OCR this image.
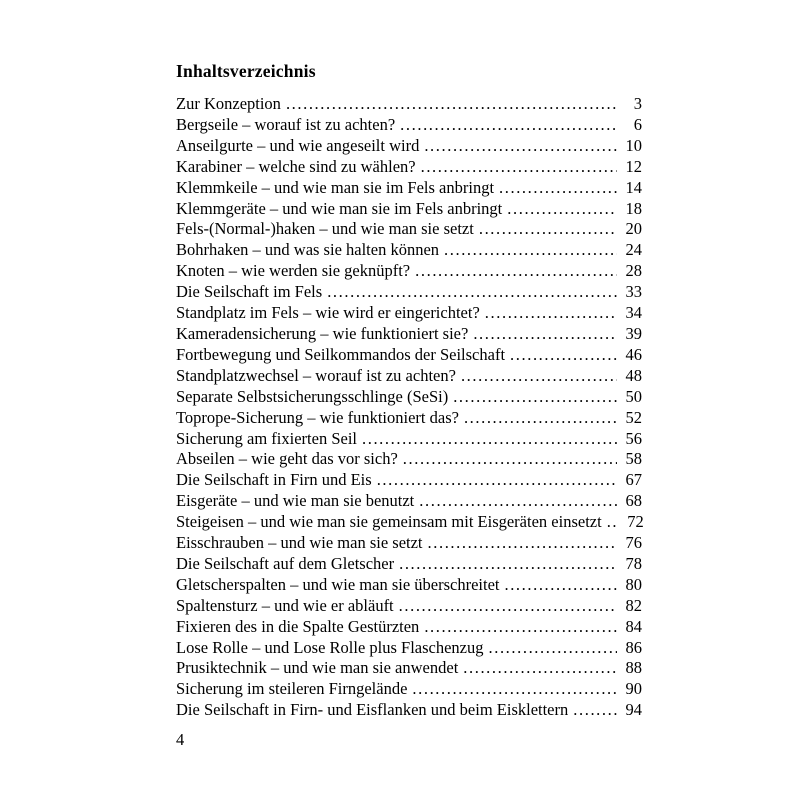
Inhaltsverzeichnis
Zur Konzeption .....	3
Bergseile – worauf ist zu achten? .....	6
Anseilgurte – und wie angeseilt wird .....	10
Karabiner – welche sind zu wählen? .....	12
Klemmkeile – und wie man sie im Fels anbringt .....	14
Klemmgeräte – und wie man sie im Fels anbringt .....	18
Fels-(Normal-)haken – und wie man sie setzt .....	20
Bohrhaken – und was sie halten können .....	24
Knoten – wie werden sie geknüpft? .....	28
Die Seilschaft im Fels .....	33
Standplatz im Fels – wie wird er eingerichtet? .....	34
Kameradensicherung – wie funktioniert sie? .....	39
Fortbewegung und Seilkommandos der Seilschaft .....	46
Standplatzwechsel – worauf ist zu achten? .....	48
Separate Selbstsicherungsschlinge (SeSi) .....	50
Toprope-Sicherung – wie funktioniert das? .....	52
Sicherung am fixierten Seil .....	56
Abseilen – wie geht das vor sich? .....	58
Die Seilschaft in Firn und Eis .....	67
Eisgeräte – und wie man sie benutzt .....	68
Steigeisen – und wie man sie gemeinsam mit Eisgeräten einsetzt .....	72
Eisschrauben – und wie man sie setzt .....	76
Die Seilschaft auf dem Gletscher .....	78
Gletscherspalten – und wie man sie überschreitet .....	80
Spaltensturz – und wie er abläuft .....	82
Fixieren des in die Spalte Gestürzten .....	84
Lose Rolle – und Lose Rolle plus Flaschenzug .....	86
Prusiktechnik – und wie man sie anwendet .....	88
Sicherung im steileren Firngelände .....	90
Die Seilschaft in Firn- und Eisflanken und beim Eisklettern .....	94
4
